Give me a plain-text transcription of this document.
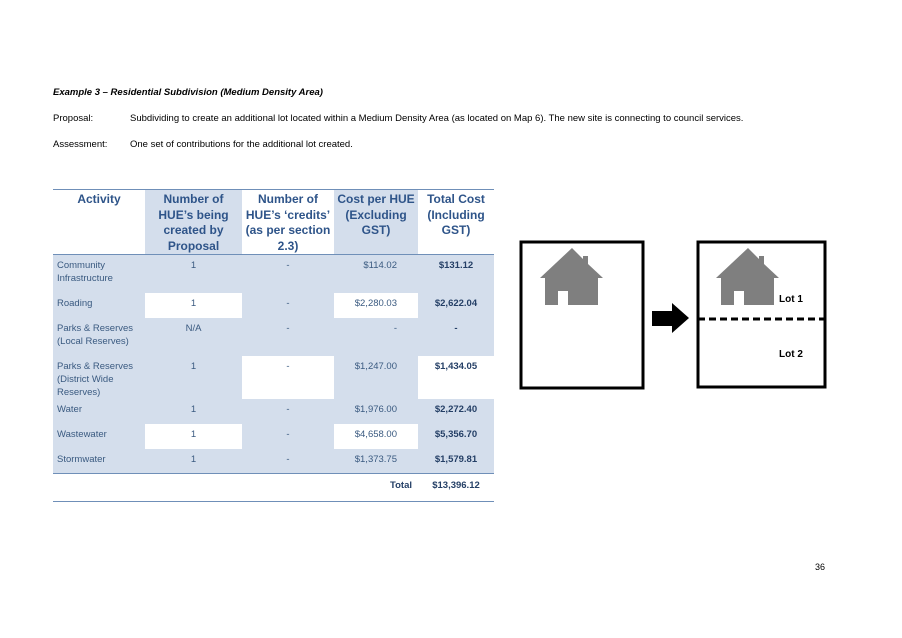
Example 3 – Residential Subdivision (Medium Density Area)
Proposal:	Subdividing to create an additional lot located within a Medium Density Area (as located on Map 6). The new site is connecting to council services.
Assessment: One set of contributions for the additional lot created.
Activity	Number of HUE’s being created by Proposal	Number of HUE’s ‘credits’ (as per section 2.3)	Cost per HUE (Excluding GST)	Total Cost (Including GST)
Community Infrastructure	1	-	$114.02	$131.12
Roading	1	-	$2,280.03	$2,622.04
Parks & Reserves (Local Reserves)	N/A	-	-	-
Parks & Reserves (District Wide Reserves)	1	-	$1,247.00	$1,434.05
Water	1	-	$1,976.00	$2,272.40
Wastewater	1	-	$4,658.00	$5,356.70
Stormwater	1	-	$1,373.75	$1,579.81
Total				$13,396.12
Lot 1
Lot 2
36
